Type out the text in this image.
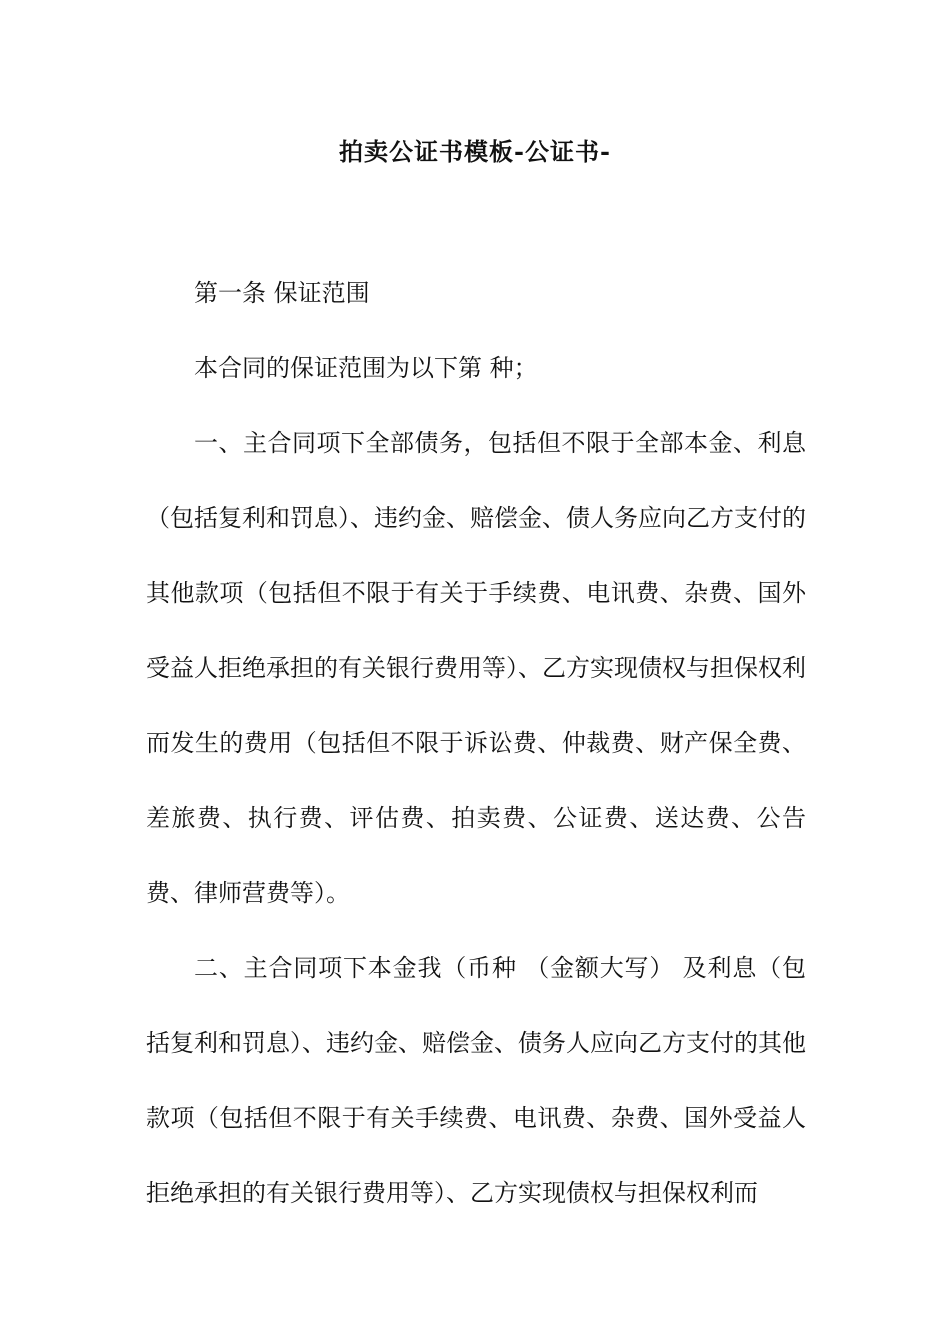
拍卖公证书模板-公证书-

第一条 保证范围

本合同的保证范围为以下第 种；

一、主合同项下全部债务，包括但不限于全部本金、利息（包括复利和罚息）、违约金、赔偿金、债人务应向乙方支付的其他款项（包括但不限于有关于手续费、电讯费、杂费、国外受益人拒绝承担的有关银行费用等）、乙方实现债权与担保权利而发生的费用（包括但不限于诉讼费、仲裁费、财产保全费、差旅费、执行费、评估费、拍卖费、公证费、送达费、公告费、律师营费等）。

二、主合同项下本金我（币种 （金额大写） 及利息（包括复利和罚息）、违约金、赔偿金、债务人应向乙方支付的其他款项（包括但不限于有关手续费、电讯费、杂费、国外受益人拒绝承担的有关银行费用等）、乙方实现债权与担保权利而
